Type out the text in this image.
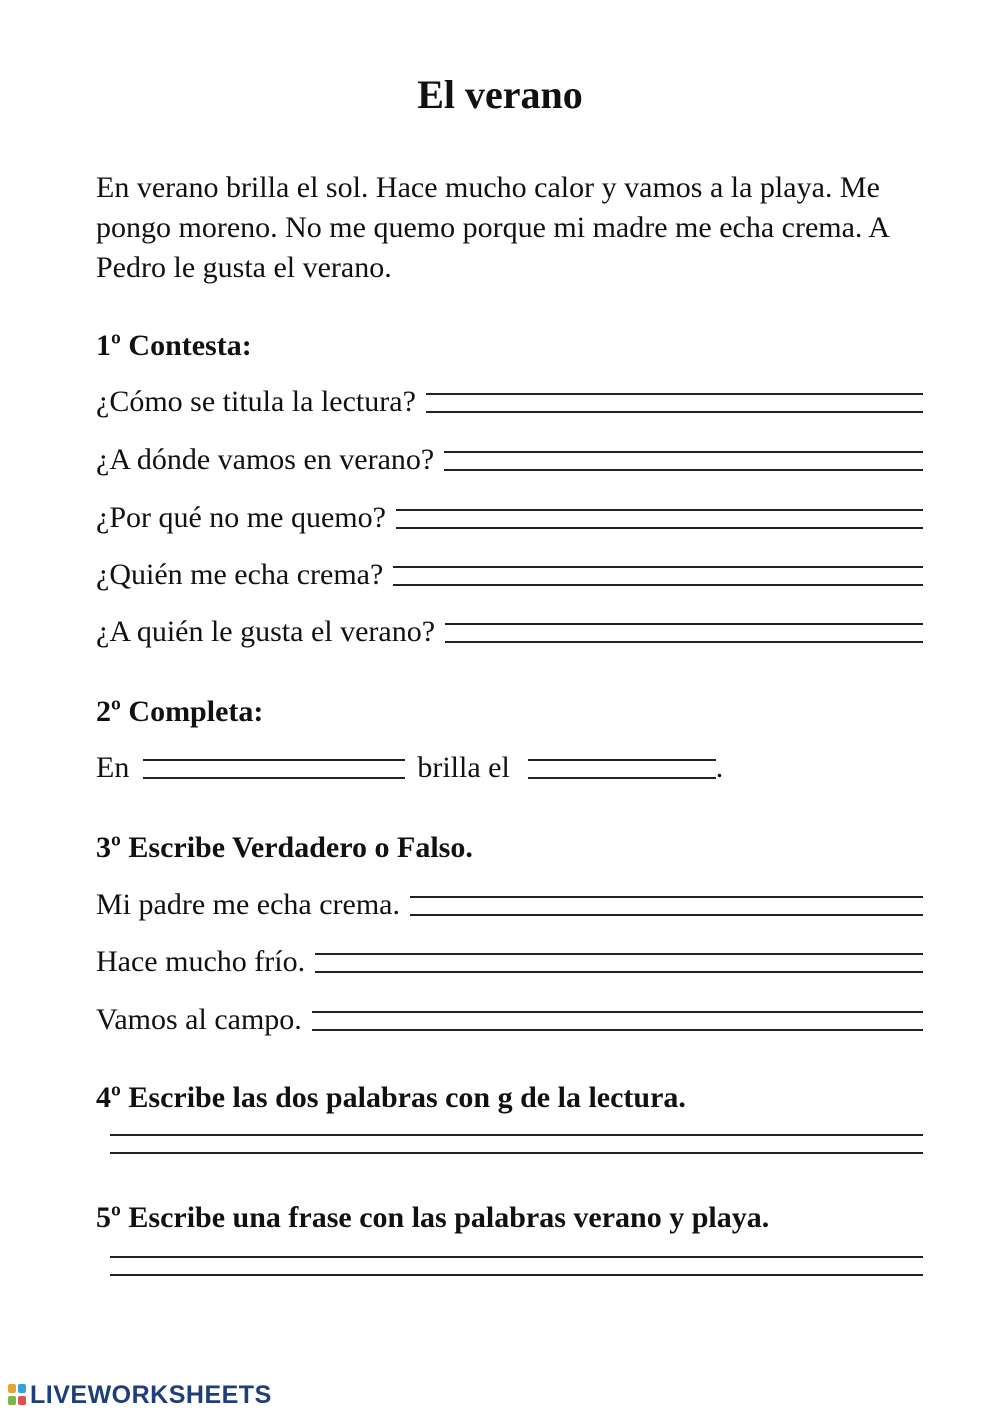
El verano

En verano brilla el sol. Hace mucho calor y vamos a la playa. Me pongo moreno. No me quemo porque mi madre me echa crema. A Pedro le gusta el verano.

1º Contesta:
¿Cómo se titula la lectura?
¿A dónde vamos en verano?
¿Por qué no me quemo?
¿Quién me echa crema?
¿A quién le gusta el verano?
2º Completa:
En	brilla el	.
3º Escribe Verdadero o Falso.
Mi padre me echa crema.
Hace mucho frío.
Vamos al campo.
4º Escribe las dos palabras con g de la lectura.
5º Escribe una frase con las palabras verano y playa.
LIVEWORKSHEETS
